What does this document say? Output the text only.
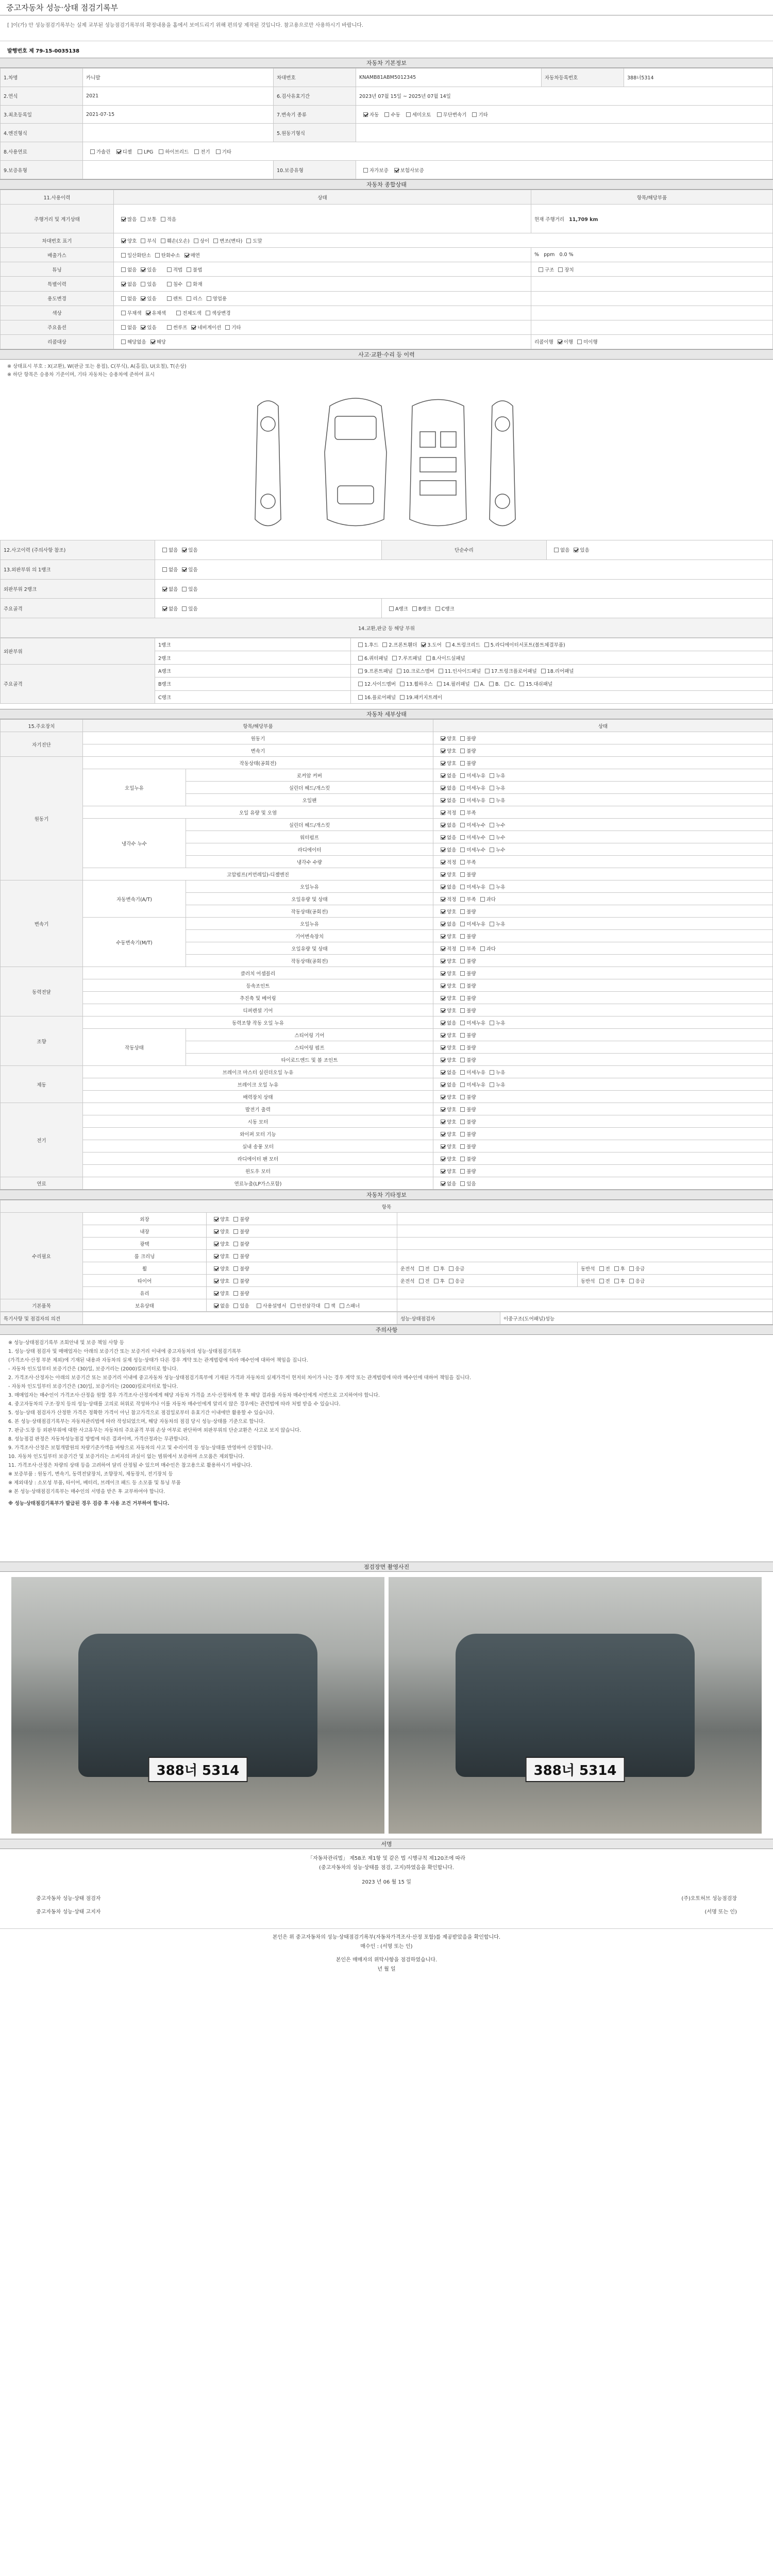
중고자동차 성능·상태 점검기록부
[ ]이(가) 안 성능점검기록부는 실제 교부된 성능점검기록부의 확정내용을 홈에서 보여드리기 위해 편의상 제작된 것입니다. 참고용으로만 사용하시기 바랍니다.
발행번호 제 79-15-0035138
자동차 기본정보
1.차명	카니발	차대번호	KNAMB81ABM5012345	자동차등록번호	388너5314
2.연식	2021	6.검사유효기간	2023년 07월 15일 ~ 2025년 07월 14일		
3.최초등록일	2021-07-15	7.변속기 종류	자동 수동 세미오토 무단변속기 기타		
4.엔진형식		5.원동기형식			
8.사용연료	가솔린 디젤 LPG 하이브리드 전기 기타				
9.보증유형		10.보증유형	자가보증 보험사보증		
자동차 종합상태
11.사용이력	상태	항목/해당부품
주행거리 및 계기상태	많음 보통 적음	현재 주행거리 11,709 km
차대번호 표기	양호 부식 훼손(오손) 상이 변조(변타) 도말	
배출가스	일산화탄소 탄화수소 매연	% ppm 0.0 %
튜닝	없음 있음 적법 불법	구조 장치
특별이력	없음 있음 침수 화재	
용도변경	없음 있음 렌트 리스 영업용	
색상	무채색 유채색 전체도색 색상변경	
주요옵션	없음 있음 썬루프 네비게이션 기타	
리콜대상	해당없음 해당	리콜이행 이행 미이행
사고·교환·수리 등 이력
※ 상태표시 부호 : X(교환), W(판금 또는 용접), C(부식), A(흠집), U(요철), T(손상)
※ 하단 항목은 승용차 기준이며, 기타 자동차는 승용차에 준하여 표시
12.사고이력 (주의사항 참조)	없음 있음	단순수리	없음 있음
13.외판부위 의 1랭크	없음 있음		
외판부위 2랭크	없음 있음		
주요골격	없음 있음	A랭크 B랭크 C랭크	
14.교환,판금 등 해당 부위			
외판부위	1랭크	1.후드 2.프론트휀더 3.도어 4.트렁크리드 5.라디에이터서포트(볼트체결부품)
	2랭크	6.쿼터패널 7.루프패널 8.사이드실패널
주요골격	A랭크	9.프론트패널 10.크로스멤버 11.인사이드패널 17.트렁크플로어패널 18.리어패널
	B랭크	12.사이드멤버 13.휠하우스 14.필러패널 A. B. C. 15.대쉬패널
	C랭크	16.플로어패널 19.패키지트레이
자동차 세부상태
15.주요장치	항목/해당부품		상태
자기진단	원동기		양호 불량
	변속기		양호 불량
원동기	작동상태(공회전)		양호 불량
	오일누유	로커암 커버	없음 미세누유 누유
		실린더 헤드/개스킷	없음 미세누유 누유
		오일팬	없음 미세누유 누유
	오일 유량 및 오염		적정 부족
	냉각수 누수	실린더 헤드/개스킷	없음 미세누수 누수
		워터펌프	없음 미세누수 누수
		라디에이터	없음 미세누수 누수
		냉각수 수량	적정 부족
	고압펌프(커먼레일)-디젤엔진		양호 불량
변속기	자동변속기(A/T)	오일누유	없음 미세누유 누유
		오일유량 및 상태	적정 부족 과다
		작동상태(공회전)	양호 불량
	수동변속기(M/T)	오일누유	없음 미세누유 누유
		기어변속장치	양호 불량
		오일유량 및 상태	적정 부족 과다
		작동상태(공회전)	양호 불량
동력전달	클러치 어셈블리		양호 불량
	등속조인트		양호 불량
	추진축 및 베어링		양호 불량
	디퍼렌셜 기어		양호 불량
조향	동력조향 작동 오일 누유		없음 미세누유 누유
	작동상태	스티어링 기어	양호 불량
		스티어링 펌프	양호 불량
		타이로드엔드 및 볼 조인트	양호 불량
제동	브레이크 마스터 실린더오일 누유		없음 미세누유 누유
	브레이크 오일 누유		없음 미세누유 누유
	배력장치 상태		양호 불량
전기	발전기 출력		양호 불량
	시동 모터		양호 불량
	와이퍼 모터 기능		양호 불량
	실내 송풍 모터		양호 불량
	라디에이터 팬 모터		양호 불량
	윈도우 모터		양호 불량
연료	연료누출(LP가스포함)		없음 있음
자동차 기타정보
항목				
수리필요	외장	양호 불량		
	내장	양호 불량		
	광택	양호 불량		
	룸 크리닝	양호 불량		
	휠	양호 불량	운전석 전 후 응급	동반석 전 후 응급
	타이어	양호 불량	운전석 전 후 응급	동반석 전 후 응급
	유리	양호 불량		
기본품목	보유상태	없음 있음 사용설명서 안전삼각대 잭 스패너		
특기사항 및 점검자의 의견		성능·상태점검자	이중구조(도어패널)성능
주의사항

※ 성능·상태점검기록부 조회안내 및 보증 책임 사항 등

1. 성능·상태 점검자 및 매매업자는 아래의 보증기간 또는 보증거리 이내에 중고자동차의 성능·상태점검기록부

(가격조사·산정 부분 제외)에 기재된 내용과 자동차의 실제 성능·상태가 다른 경우 계약 또는 관계법령에 따라 매수인에 대하여 책임을 집니다.

- 자동차 인도일부터 보증기간은 (30)일, 보증거리는 (2000)킬로미터로 합니다.

2. 가격조사·산정자는 아래의 보증기간 또는 보증거리 이내에 중고자동차 성능·상태점검기록부에 기재된 가격과 자동차의 실제가격이 현저히 차이가 나는 경우 계약 또는 관계법령에 따라 매수인에 대하여 책임을 집니다.

- 자동차 인도일부터 보증기간은 (30)일, 보증거리는 (2000)킬로미터로 합니다.

3. 매매업자는 매수인이 가격조사·산정을 원할 경우 가격조사·산정자에게 해당 자동차 가격을 조사·산정하게 한 후 해당 결과를 자동차 매수인에게 서면으로 고지하여야 합니다.

4. 중고자동차의 구조·장치 등의 성능·상태를 고의로 허위로 작성하거나 이를 자동차 매수인에게 알리지 않은 경우에는 관련법에 따라 처벌 받을 수 있습니다.

5. 성능·상태 점검자가 산정한 가격은 정확한 가격이 아닌 참고가격으로 점검일로부터 유효기간 이내에만 활용할 수 있습니다.

6. 본 성능·상태점검기록부는 자동차관리법에 따라 작성되었으며, 해당 자동차의 점검 당시 성능·상태를 기준으로 합니다.

7. 판금·도장 등 외판부위에 대한 사고유무는 자동차의 주요골격 부위 손상 여부로 판단하며 외판부위의 단순교환은 사고로 보지 않습니다.

8. 성능점검 판정은 자동차성능점검 방법에 따른 결과이며, 가격산정과는 무관합니다.

9. 가격조사·산정은 보험개발원의 차량기준가액을 바탕으로 자동차의 사고 및 수리이력 등 성능·상태를 반영하여 산정합니다.

10. 자동차 인도일부터 보증기간 및 보증거리는 소비자의 과실이 없는 범위에서 보증하며 소모품은 제외합니다.

11. 가격조사·산정은 차량의 상태 등을 고려하여 달리 산정될 수 있으며 매수인은 참고용으로 활용하시기 바랍니다.

※ 보증부품 : 원동기, 변속기, 동력전달장치, 조향장치, 제동장치, 전기장치 등

※ 제외대상 : 소모성 부품, 타이어, 배터리, 브레이크 패드 등 소모품 및 튜닝 부품

※ 본 성능·상태점검기록부는 매수인의 서명을 받은 후 교부하여야 합니다.

※ 성능·상태점검기록부가 발급된 경우 검증 후 사용 조건 거부하여 합니다.

점검장면 촬영사진
388너 5314	388너 5314
서명
「자동차관리법」 제58조 제1항 및 같은 법 시행규칙 제120조에 따라
(중고자동차의 성능·상태를 점검, 고지)하였음을 확인합니다.
2023 년 06 월 15 일
중고자동차 성능·상태 점검자	(주)오토허브 성능점검장
중고자동차 성능·상태 고지자	(서명 또는 인)
본인은 위 중고자동차의 성능·상태점검기록부(자동차가격조사·산정 포함)를 제공받았음을 확인합니다.
매수인 : (서명 또는 인)
본인은 매매자의 위탁사항을 점검하였습니다.
년 월 일
